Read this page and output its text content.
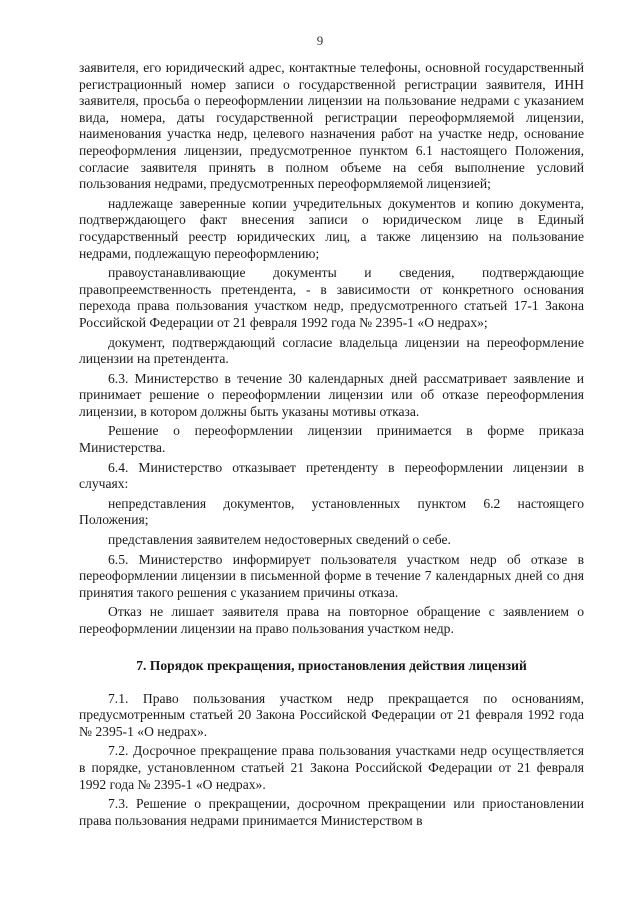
9

заявителя, его юридический адрес, контактные телефоны, основной государственный регистрационный номер записи о государственной регистрации заявителя, ИНН заявителя, просьба о переоформлении лицензии на пользование недрами с указанием вида, номера, даты государственной регистрации переоформляемой лицензии, наименования участка недр, целевого назначения работ на участке недр, основание переоформления лицензии, предусмотренное пунктом 6.1 настоящего Положения, согласие заявителя принять в полном объеме на себя выполнение условий пользования недрами, предусмотренных переоформляемой лицензией;

надлежаще заверенные копии учредительных документов и копию документа, подтверждающего факт внесения записи о юридическом лице в Единый государственный реестр юридических лиц, а также лицензию на пользование недрами, подлежащую переоформлению;

правоустанавливающие документы и сведения, подтверждающие правопреемственность претендента, - в зависимости от конкретного основания перехода права пользования участком недр, предусмотренного статьей 17-1 Закона Российской Федерации от 21 февраля 1992 года № 2395-1 «О недрах»;

документ, подтверждающий согласие владельца лицензии на переоформление лицензии на претендента.

6.3. Министерство в течение 30 календарных дней рассматривает заявление и принимает решение о переоформлении лицензии или об отказе переоформления лицензии, в котором должны быть указаны мотивы отказа.

Решение о переоформлении лицензии принимается в форме приказа Министерства.

6.4. Министерство отказывает претенденту в переоформлении лицензии в случаях:

непредставления документов, установленных пунктом 6.2 настоящего Положения;

представления заявителем недостоверных сведений о себе.

6.5. Министерство информирует пользователя участком недр об отказе в переоформлении лицензии в письменной форме в течение 7 календарных дней со дня принятия такого решения с указанием причины отказа.

Отказ не лишает заявителя права на повторное обращение с заявлением о переоформлении лицензии на право пользования участком недр.

7. Порядок прекращения, приостановления действия лицензий

7.1. Право пользования участком недр прекращается по основаниям, предусмотренным статьей 20 Закона Российской Федерации от 21 февраля 1992 года № 2395-1 «О недрах».

7.2. Досрочное прекращение права пользования участками недр осуществляется в порядке, установленном статьей 21 Закона Российской Федерации от 21 февраля 1992 года № 2395-1 «О недрах».

7.3. Решение о прекращении, досрочном прекращении или приостановлении права пользования недрами принимается Министерством в
